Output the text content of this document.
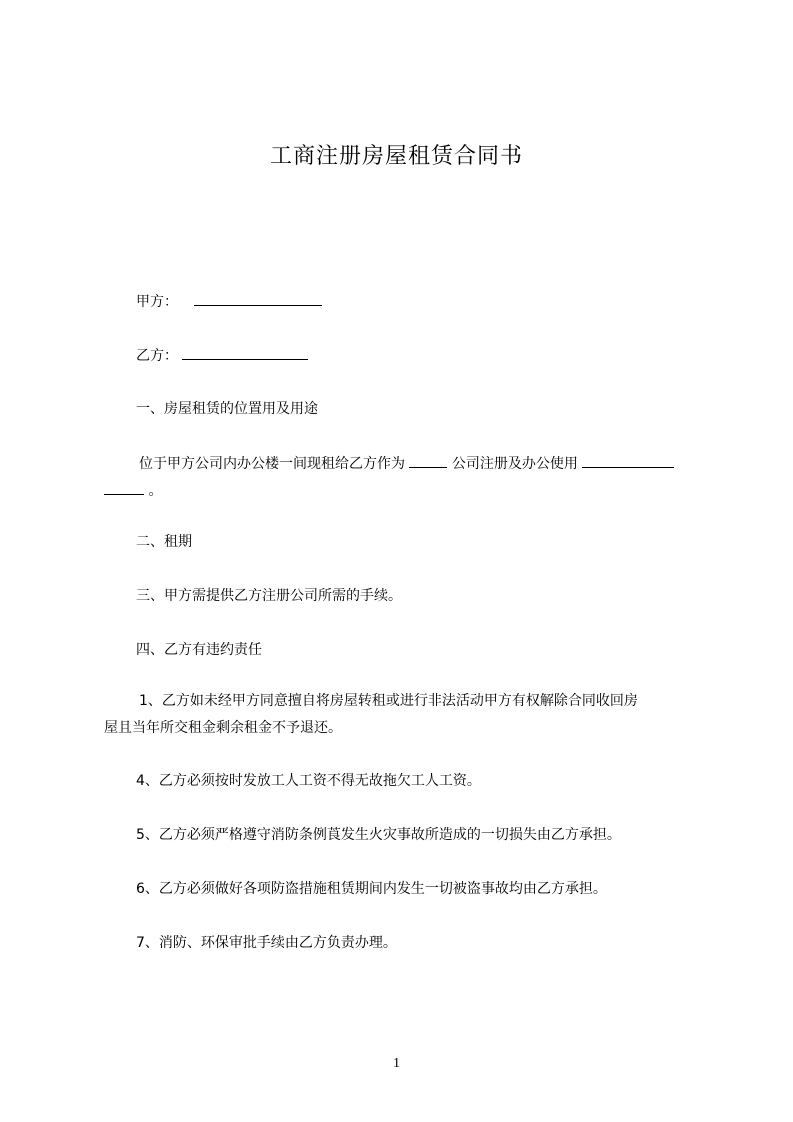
工商注册房屋租赁合同书
甲方：
乙方：
一、房屋租赁的位置用及用途
位于甲方公司内办公楼一间现租给乙方作为	公司注册及办公使用
。
二、租期
三、甲方需提供乙方注册公司所需的手续。
四、乙方有违约责任
1、乙方如未经甲方同意擅自将房屋转租或进行非法活动甲方有权解除合同收回房
屋且当年所交租金剩余租金不予退还。
4、乙方必须按时发放工人工资不得无故拖欠工人工资。
5、乙方必须严格遵守消防条例莨发生火灾事故所造成的一切损失由乙方承担。
6、乙方必须做好各项防盗措施租赁期间内发生一切被盗事故均由乙方承担。
7、消防、环保审批手续由乙方负责办理。
1
